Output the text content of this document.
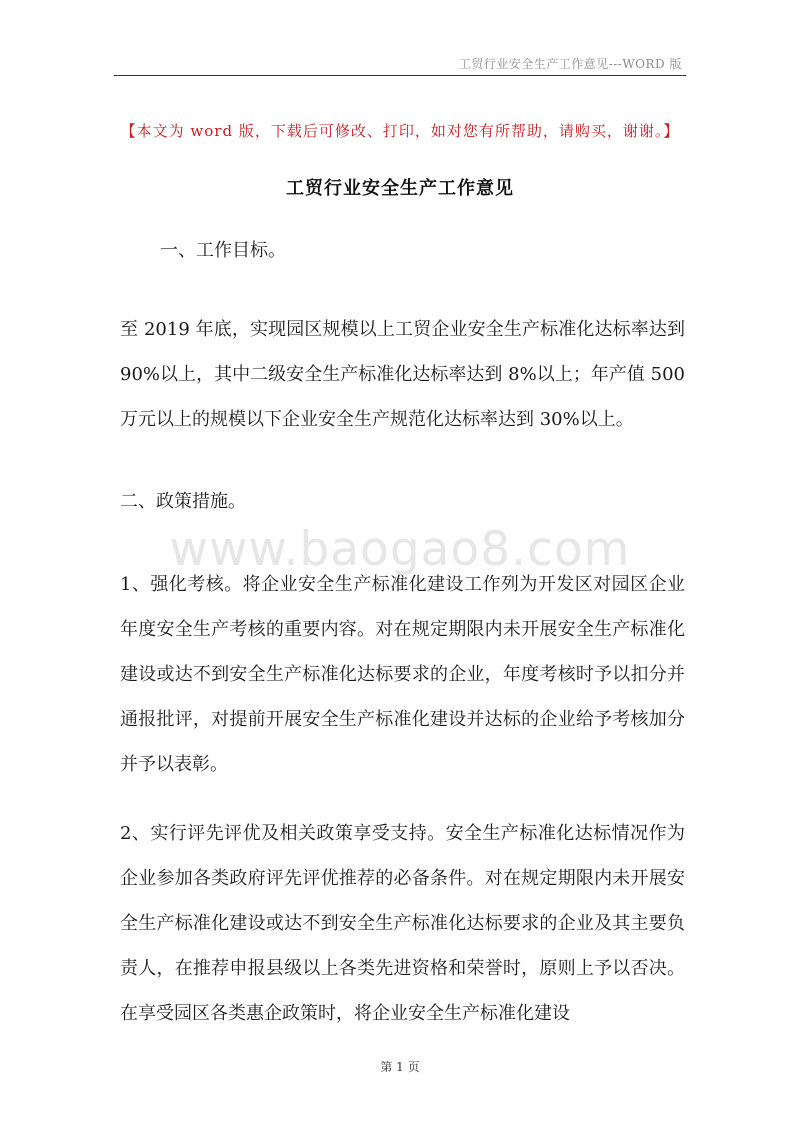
工贸行业安全生产工作意见---WORD 版
【本文为 word 版，下载后可修改、打印，如对您有所帮助，请购买，谢谢。】
工贸行业安全生产工作意见

一、工作目标。

至 2019 年底，实现园区规模以上工贸企业安全生产标准化达标率达到 90%以上，其中二级安全生产标准化达标率达到 8%以上；年产值 500 万元以上的规模以下企业安全生产规范化达标率达到 30%以上。

二、政策措施。

www.baogao8.com

1、强化考核。将企业安全生产标准化建设工作列为开发区对园区企业年度安全生产考核的重要内容。对在规定期限内未开展安全生产标准化建设或达不到安全生产标准化达标要求的企业，年度考核时予以扣分并通报批评，对提前开展安全生产标准化建设并达标的企业给予考核加分并予以表彰。

2、实行评先评优及相关政策享受支持。安全生产标准化达标情况作为企业参加各类政府评先评优推荐的必备条件。对在规定期限内未开展安全生产标准化建设或达不到安全生产标准化达标要求的企业及其主要负责人，在推荐申报县级以上各类先进资格和荣誉时，原则上予以否决。在享受园区各类惠企政策时，将企业安全生产标准化建设

第 1 页
